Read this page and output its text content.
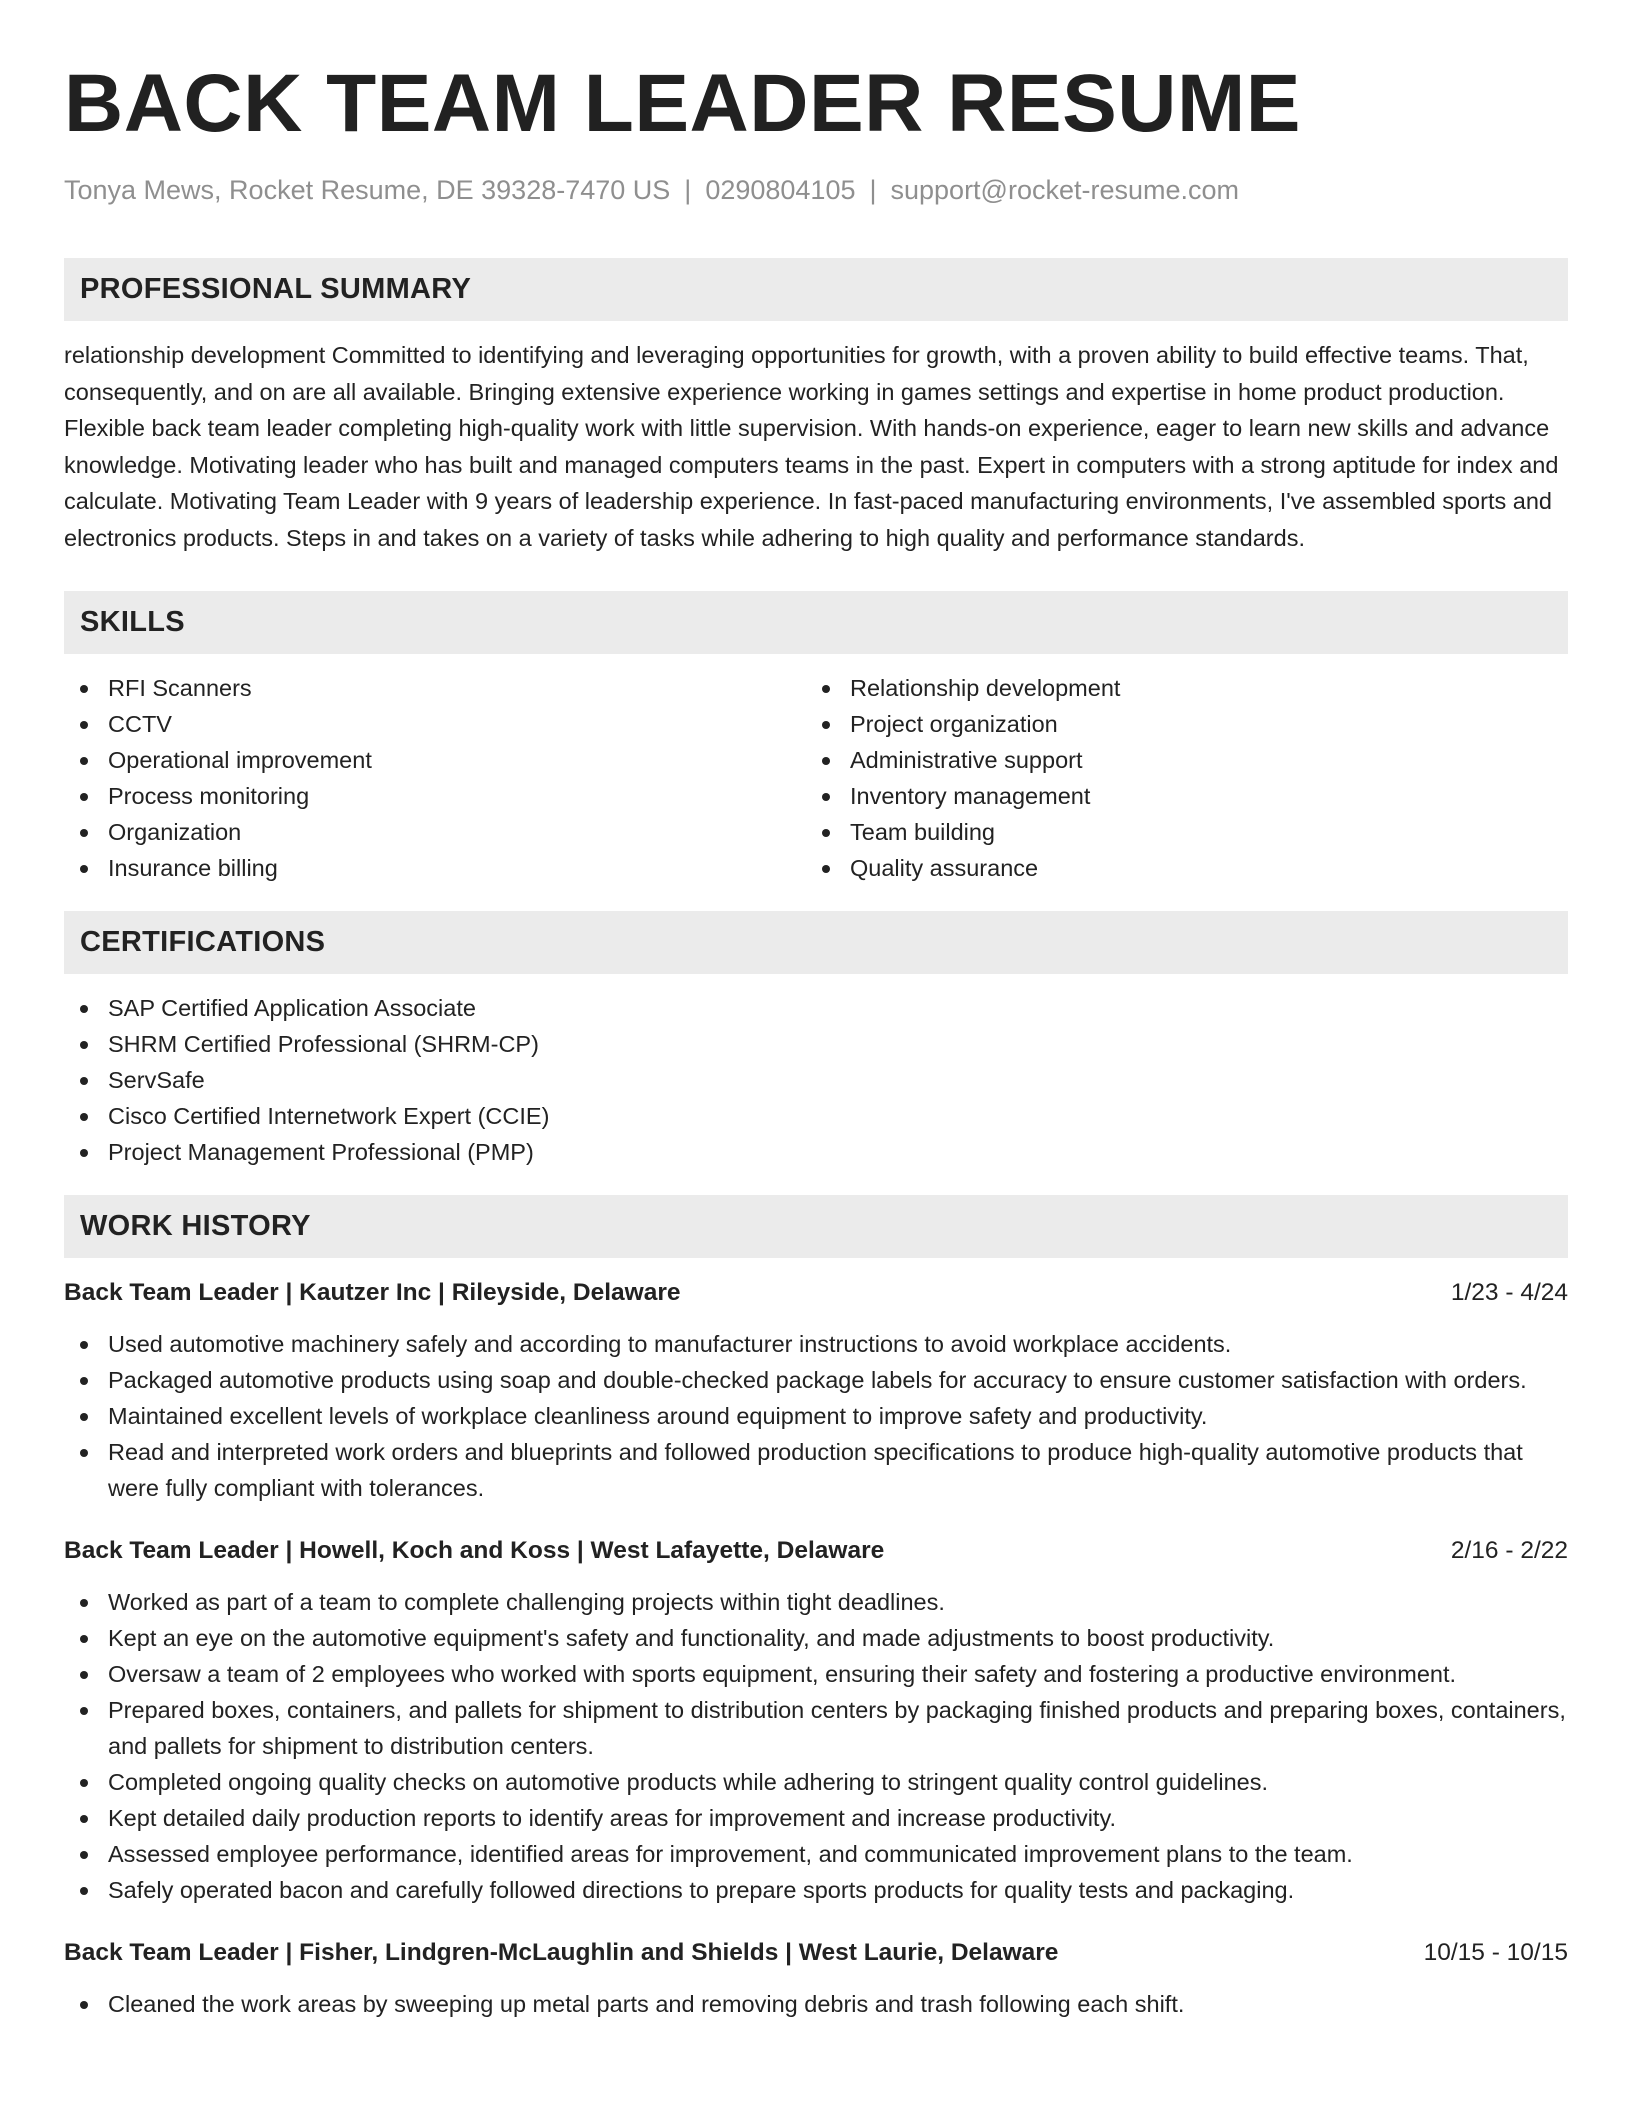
BACK TEAM LEADER RESUME
Tonya Mews, Rocket Resume, DE 39328-7470 US | 0290804105 | support@rocket-resume.com
PROFESSIONAL SUMMARY

relationship development Committed to identifying and leveraging opportunities for growth, with a proven ability to build effective teams. That, consequently, and on are all available. Bringing extensive experience working in games settings and expertise in home product production. Flexible back team leader completing high-quality work with little supervision. With hands-on experience, eager to learn new skills and advance knowledge. Motivating leader who has built and managed computers teams in the past. Expert in computers with a strong aptitude for index and calculate. Motivating Team Leader with 9 years of leadership experience. In fast-paced manufacturing environments, I've assembled sports and electronics products. Steps in and takes on a variety of tasks while adhering to high quality and performance standards.

SKILLS
RFI Scanners
CCTV
Operational improvement
Process monitoring
Organization
Insurance billing
Relationship development
Project organization
Administrative support
Inventory management
Team building
Quality assurance
CERTIFICATIONS
SAP Certified Application Associate
SHRM Certified Professional (SHRM-CP)
ServSafe
Cisco Certified Internetwork Expert (CCIE)
Project Management Professional (PMP)
WORK HISTORY
Back Team Leader | Kautzer Inc | Rileyside, Delaware	1/23 - 4/24
Used automotive machinery safely and according to manufacturer instructions to avoid workplace accidents.
Packaged automotive products using soap and double-checked package labels for accuracy to ensure customer satisfaction with orders.
Maintained excellent levels of workplace cleanliness around equipment to improve safety and productivity.
Read and interpreted work orders and blueprints and followed production specifications to produce high-quality automotive products that were fully compliant with tolerances.
Back Team Leader | Howell, Koch and Koss | West Lafayette, Delaware	2/16 - 2/22
Worked as part of a team to complete challenging projects within tight deadlines.
Kept an eye on the automotive equipment's safety and functionality, and made adjustments to boost productivity.
Oversaw a team of 2 employees who worked with sports equipment, ensuring their safety and fostering a productive environment.
Prepared boxes, containers, and pallets for shipment to distribution centers by packaging finished products and preparing boxes, containers, and pallets for shipment to distribution centers.
Completed ongoing quality checks on automotive products while adhering to stringent quality control guidelines.
Kept detailed daily production reports to identify areas for improvement and increase productivity.
Assessed employee performance, identified areas for improvement, and communicated improvement plans to the team.
Safely operated bacon and carefully followed directions to prepare sports products for quality tests and packaging.
Back Team Leader | Fisher, Lindgren-McLaughlin and Shields | West Laurie, Delaware	10/15 - 10/15
Cleaned the work areas by sweeping up metal parts and removing debris and trash following each shift.
